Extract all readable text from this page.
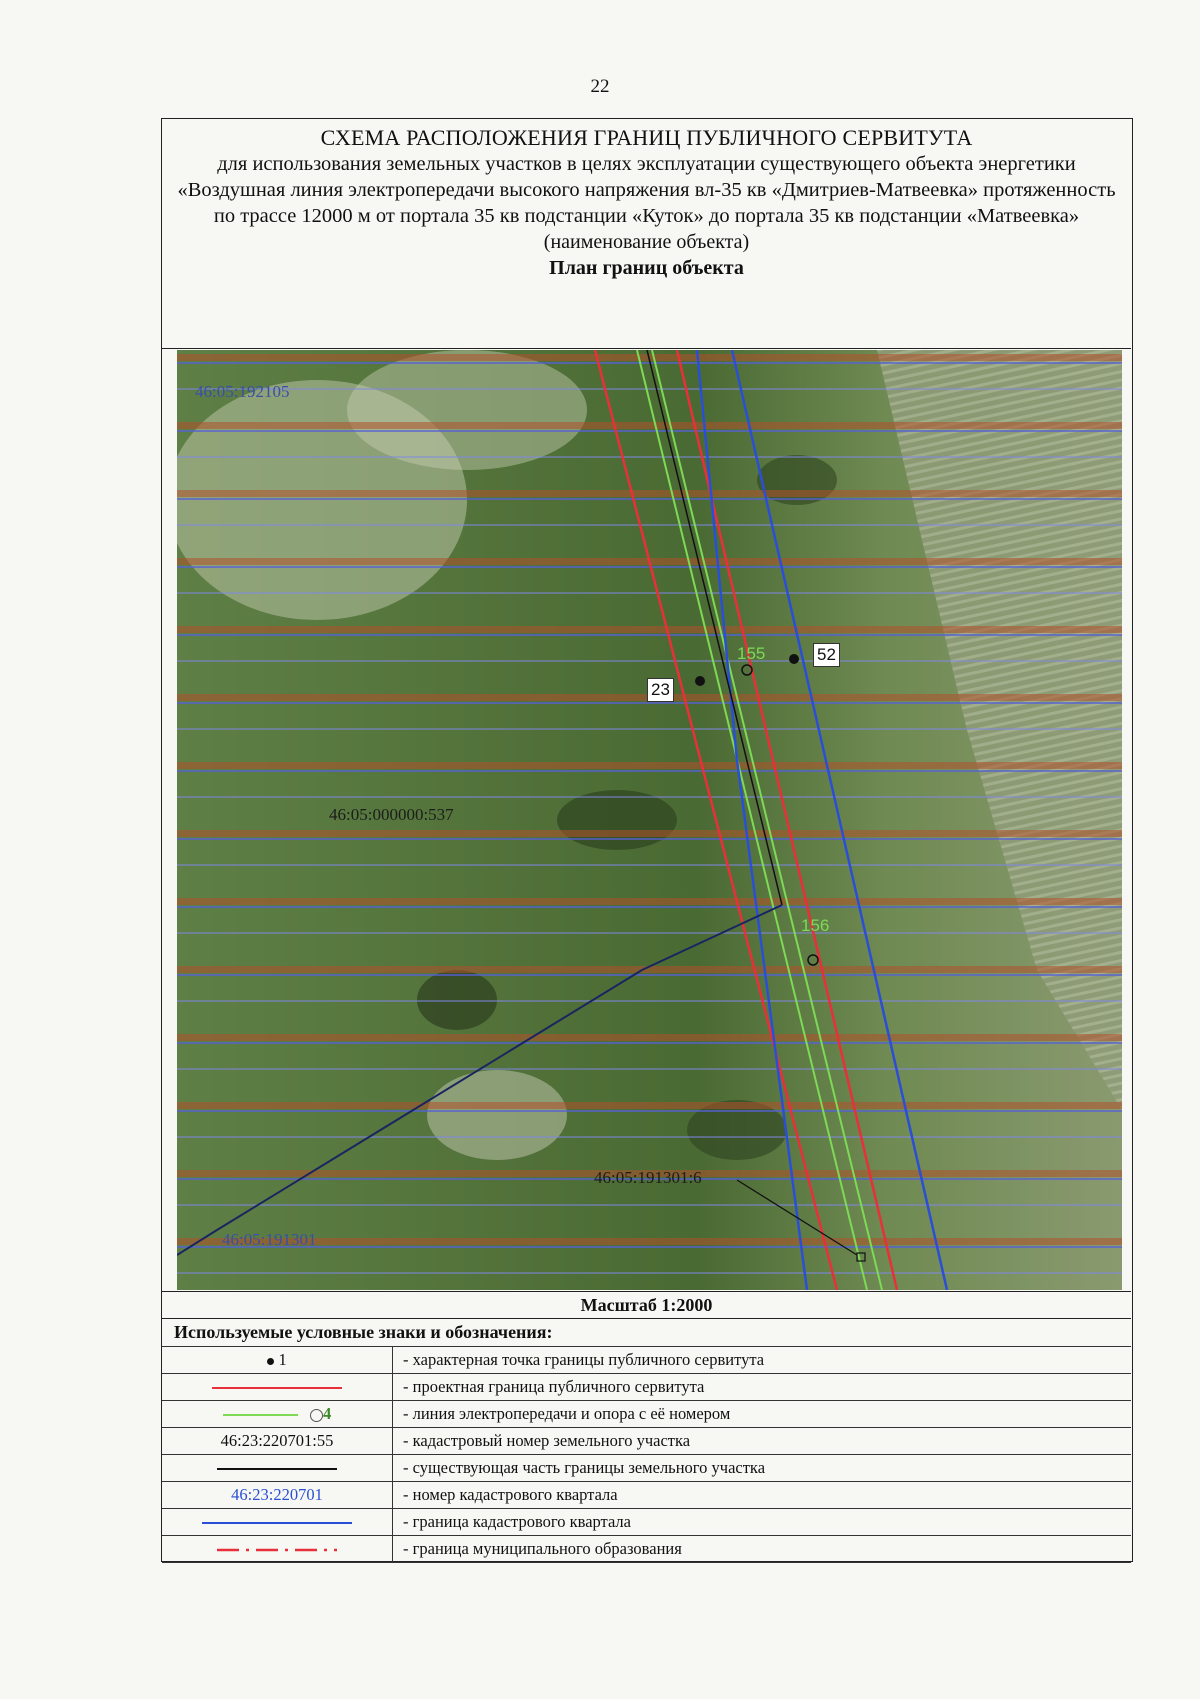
22
СХЕМА РАСПОЛОЖЕНИЯ ГРАНИЦ ПУБЛИЧНОГО СЕРВИТУТА
для использования земельных участков в целях эксплуатации существующего объекта энергетики «Воздушная линия электропередачи высокого напряжения вл-35 кв «Дмитриев-Матвеевка» протяженность по трассе 12000 м от портала 35 кв подстанции «Куток» до портала 35 кв подстанции «Матвеевка»
(наименование объекта)
План границ объекта
46:05:192105
46:05:000000:537
46:05:191301:6
46:05:191301
23
52
155
156
Масштаб 1:2000
Используемые условные знаки и обозначения:
1	- характерная точка границы публичного сервитута
	- проектная граница публичного сервитута
4	- линия электропередачи и опора с её номером
46:23:220701:55	- кадастровый номер земельного участка
	- существующая часть границы земельного участка
46:23:220701	- номер кадастрового квартала
	- граница кадастрового квартала
	- граница муниципального образования
